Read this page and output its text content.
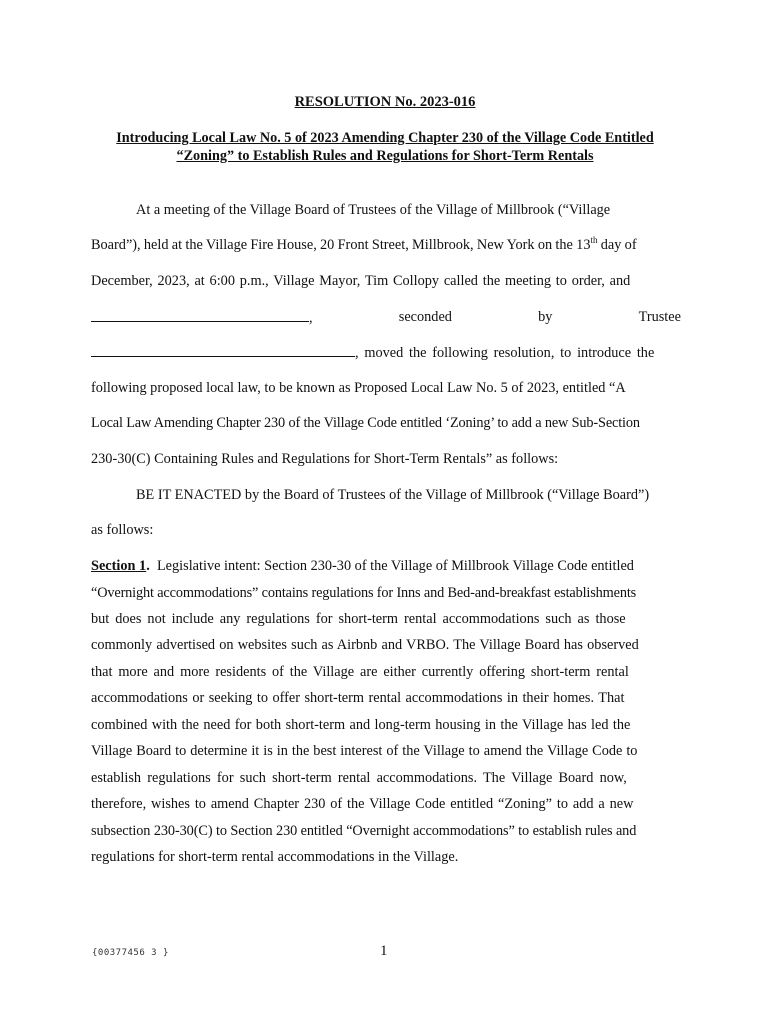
RESOLUTION No. 2023-016
Introducing Local Law No. 5 of 2023 Amending Chapter 230 of the Village Code Entitled
“Zoning” to Establish Rules and Regulations for Short-Term Rentals
At a meeting of the Village Board of Trustees of the Village of Millbrook (“Village
Board”), held at the Village Fire House, 20 Front Street, Millbrook, New York on the 13th day of
December, 2023, at 6:00 p.m., Village Mayor, Tim Collopy called the meeting to order, and
,	seconded	by	Trustee
, moved the following resolution, to introduce the
following proposed local law, to be known as Proposed Local Law No. 5 of 2023, entitled “A
Local Law Amending Chapter 230 of the Village Code entitled ‘Zoning’ to add a new Sub-Section
230-30(C) Containing Rules and Regulations for Short-Term Rentals” as follows:
BE IT ENACTED by the Board of Trustees of the Village of Millbrook (“Village Board”)
as follows:
Section 1. Legislative intent: Section 230-30 of the Village of Millbrook Village Code entitled
“Overnight accommodations” contains regulations for Inns and Bed-and-breakfast establishments
but does not include any regulations for short-term rental accommodations such as those
commonly advertised on websites such as Airbnb and VRBO. The Village Board has observed
that more and more residents of the Village are either currently offering short-term rental
accommodations or seeking to offer short-term rental accommodations in their homes. That
combined with the need for both short-term and long-term housing in the Village has led the
Village Board to determine it is in the best interest of the Village to amend the Village Code to
establish regulations for such short-term rental accommodations. The Village Board now,
therefore, wishes to amend Chapter 230 of the Village Code entitled “Zoning” to add a new
subsection 230-30(C) to Section 230 entitled “Overnight accommodations” to establish rules and
regulations for short-term rental accommodations in the Village.
{00377456 3 }	1
